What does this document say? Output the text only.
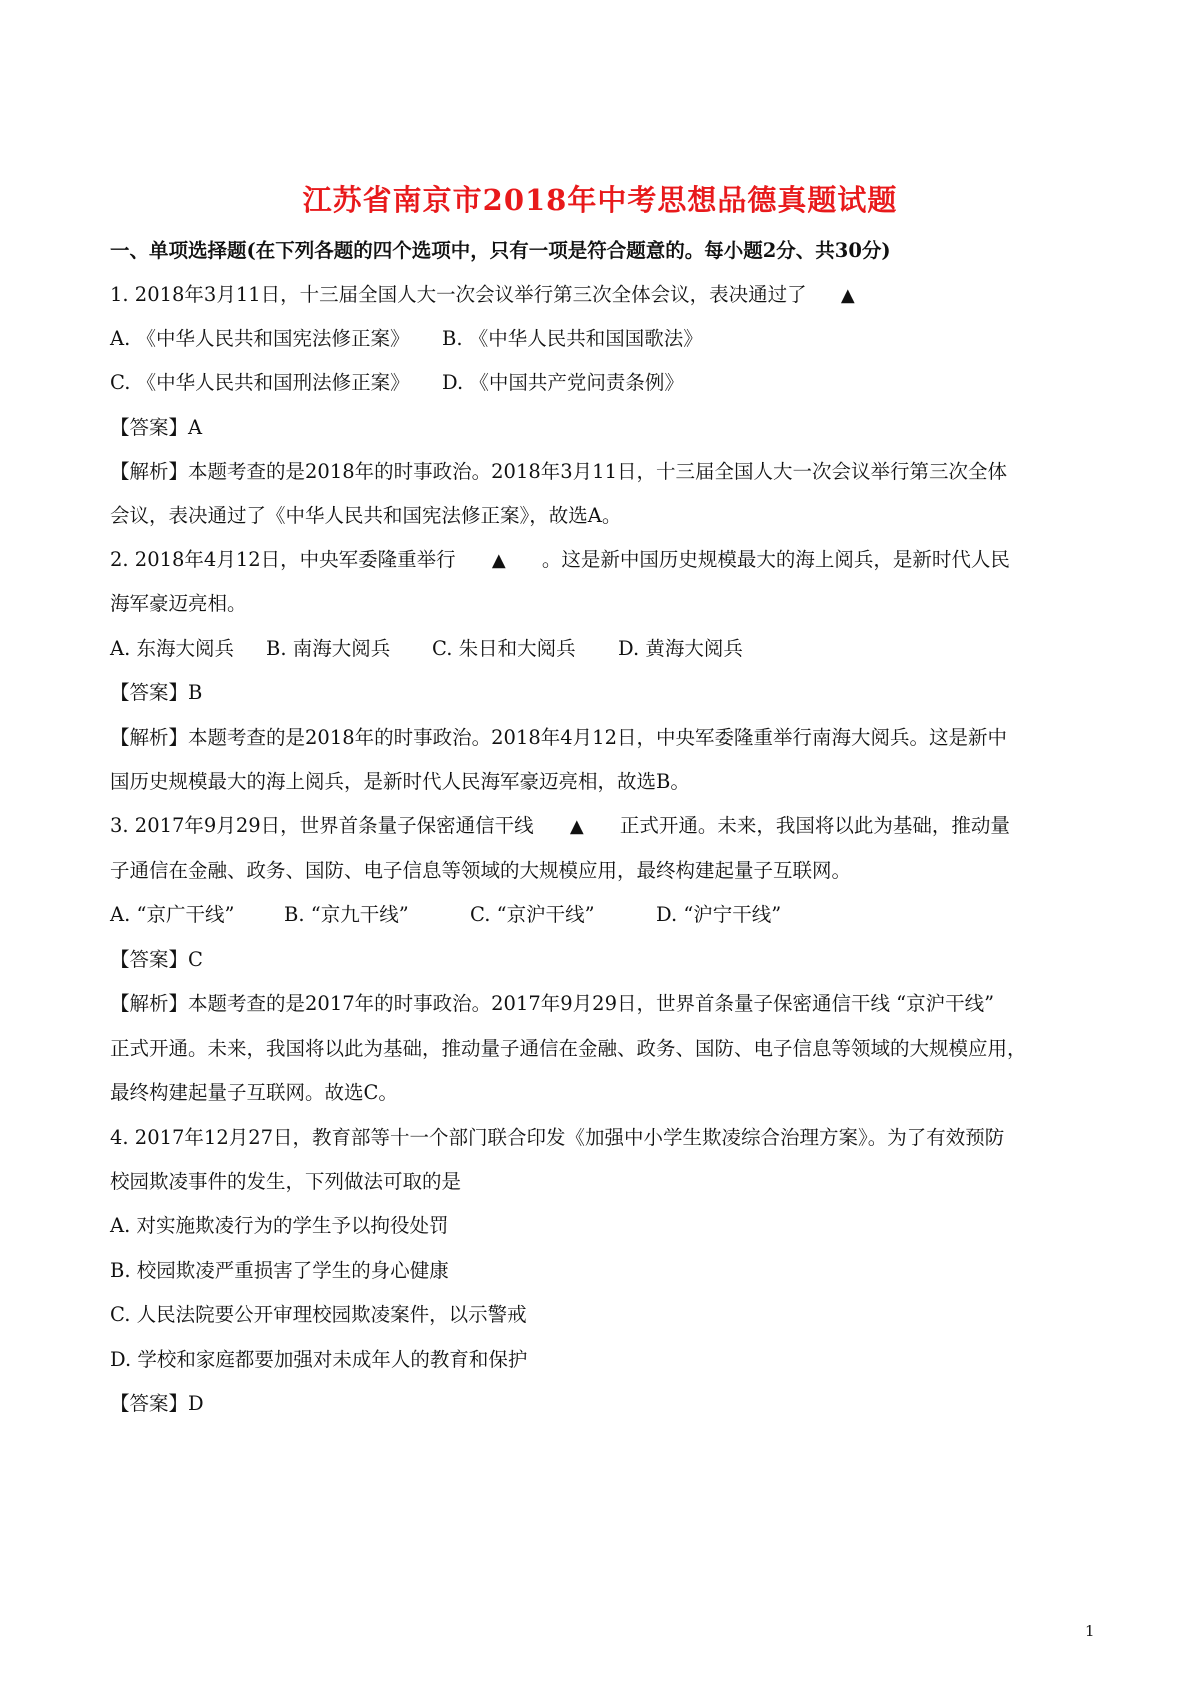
江苏省南京市2018年中考思想品德真题试题
一、单项选择题(在下列各题的四个选项中，只有一项是符合题意的。每小题2分、共30分)
1. 2018年3月11日，十三届全国人大一次会议举行第三次全体会议，表决通过了 ▲
A. 《中华人民共和国宪法修正案》 B. 《中华人民共和国国歌法》
C. 《中华人民共和国刑法修正案》 D. 《中国共产党问责条例》
【答案】A
【解析】本题考查的是2018年的时事政治。2018年3月11日，十三届全国人大一次会议举行第三次全体
会议，表决通过了《中华人民共和国宪法修正案》，故选A。
2. 2018年4月12日，中央军委隆重举行 ▲ 。这是新中国历史规模最大的海上阅兵，是新时代人民
海军豪迈亮相。
A. 东海大阅兵 B. 南海大阅兵 C. 朱日和大阅兵 D. 黄海大阅兵
【答案】B
【解析】本题考查的是2018年的时事政治。2018年4月12日，中央军委隆重举行南海大阅兵。这是新中
国历史规模最大的海上阅兵，是新时代人民海军豪迈亮相，故选B。
3. 2017年9月29日，世界首条量子保密通信干线 ▲ 正式开通。未来，我国将以此为基础，推动量
子通信在金融、政务、国防、电子信息等领域的大规模应用，最终构建起量子互联网。
A. “京广干线”	B. “京九干线”	C. “京沪干线”	D. “沪宁干线”
【答案】C
【解析】本题考查的是2017年的时事政治。2017年9月29日，世界首条量子保密通信干线 “京沪干线”
正式开通。未来，我国将以此为基础，推动量子通信在金融、政务、国防、电子信息等领域的大规模应用，
最终构建起量子互联网。故选C。
4. 2017年12月27日，教育部等十一个部门联合印发《加强中小学生欺凌综合治理方案》。为了有效预防
校园欺凌事件的发生，下列做法可取的是
A. 对实施欺凌行为的学生予以拘役处罚
B. 校园欺凌严重损害了学生的身心健康
C. 人民法院要公开审理校园欺凌案件，以示警戒
D. 学校和家庭都要加强对未成年人的教育和保护
【答案】D
1
